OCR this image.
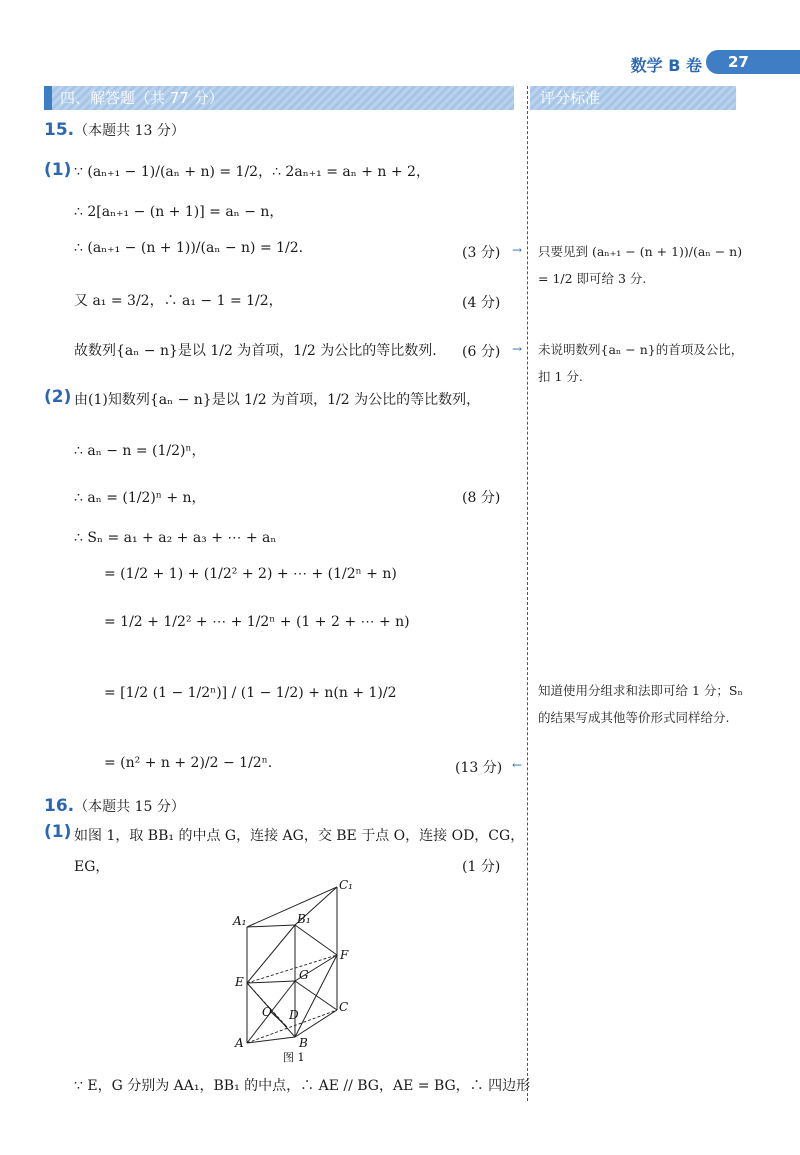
数学 B 卷	27
四、解答题（共 77 分）	评分标准
15.（本题共 13 分）
(1) ∵ (aₙ₊₁ − 1)/(aₙ + n) = 1/2，∴ 2aₙ₊₁ = aₙ + n + 2，
∴ 2[aₙ₊₁ − (n + 1)] = aₙ − n，
∴ (aₙ₊₁ − (n + 1))/(aₙ − n) = 1/2.
又 a₁ = 3/2，∴ a₁ − 1 = 1/2，
故数列{aₙ − n}是以 1/2 为首项，1/2 为公比的等比数列.
(2) 由(1)知数列{aₙ − n}是以 1/2 为首项，1/2 为公比的等比数列，
∴ aₙ − n = (1/2)ⁿ，
∴ aₙ = (1/2)ⁿ + n，
∴ Sₙ = a₁ + a₂ + a₃ + ⋯ + aₙ
= (1/2 + 1) + (1/2² + 2) + ⋯ + (1/2ⁿ + n)
= 1/2 + 1/2² + ⋯ + 1/2ⁿ + (1 + 2 + ⋯ + n)
= [1/2 (1 − 1/2ⁿ)] / (1 − 1/2) + n(n + 1)/2
= (n² + n + 2)/2 − 1/2ⁿ.
(3 分)
(4 分)
(6 分)
(8 分)
(13 分)
→
→
←
只要见到 (aₙ₊₁ − (n + 1))/(aₙ − n) = 1/2 即可给 3 分.
未说明数列{aₙ − n}的首项及公比，扣 1 分.
知道使用分组求和法即可给 1 分；Sₙ 的结果写成其他等价形式同样给分.
16.（本题共 15 分）
(1) 如图 1，取 BB₁ 的中点 G，连接 AG，交 BE 于点 O，连接 OD，CG，
EG，	(1 分)
A₁	B₁
C₁
E	G
F
O D
C
A	B
图 1
∵ E，G 分别为 AA₁，BB₁ 的中点，∴ AE // BG，AE = BG，∴ 四边形
